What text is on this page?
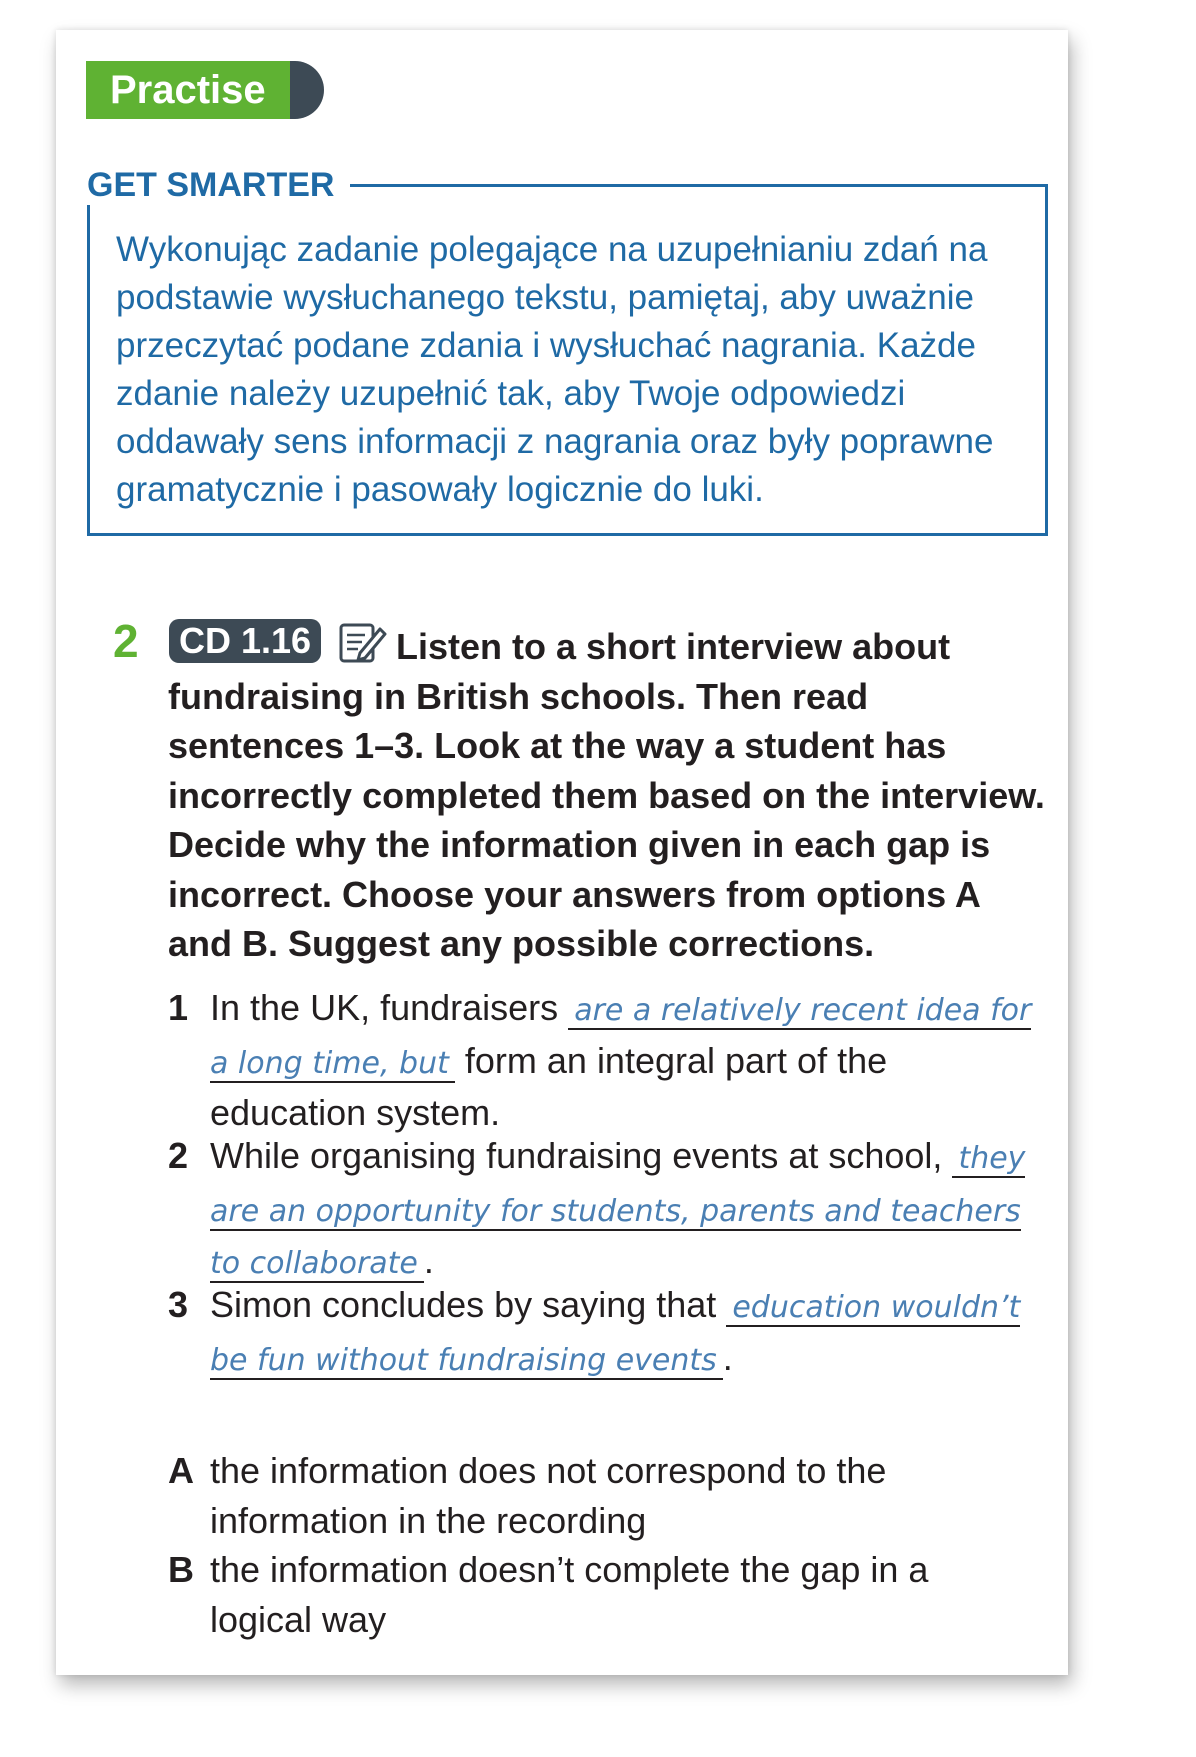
Practise
GET SMARTER
Wykonując zadanie polegające na uzupełnianiu zdań na podstawie wysłuchanego tekstu, pamiętaj, aby uważnie przeczytać podane zdania i wysłuchać nagrania. Każde zdanie należy uzupełnić tak, aby Twoje odpowiedzi oddawały sens informacji z nagrania oraz były poprawne gramatycznie i pasowały logicznie do luki.
2	Listen to a short interview about fundraising in British schools. Then read sentences 1–3. Look at the way a student has incorrectly completed them based on the interview. Decide why the information given in each gap is incorrect. Choose your answers from options A and B. Suggest any possible corrections.
CD 1.16
1 In the UK, fundraisers are a relatively recent idea for a long time, but form an integral part of the education system.
2 While organising fundraising events at school, they are an opportunity for students, parents and teachers to collaborate .
3 Simon concludes by saying that education wouldn’t be fun without fundraising events .
A the information does not correspond to the information in the recording
B the information doesn’t complete the gap in a logical way
